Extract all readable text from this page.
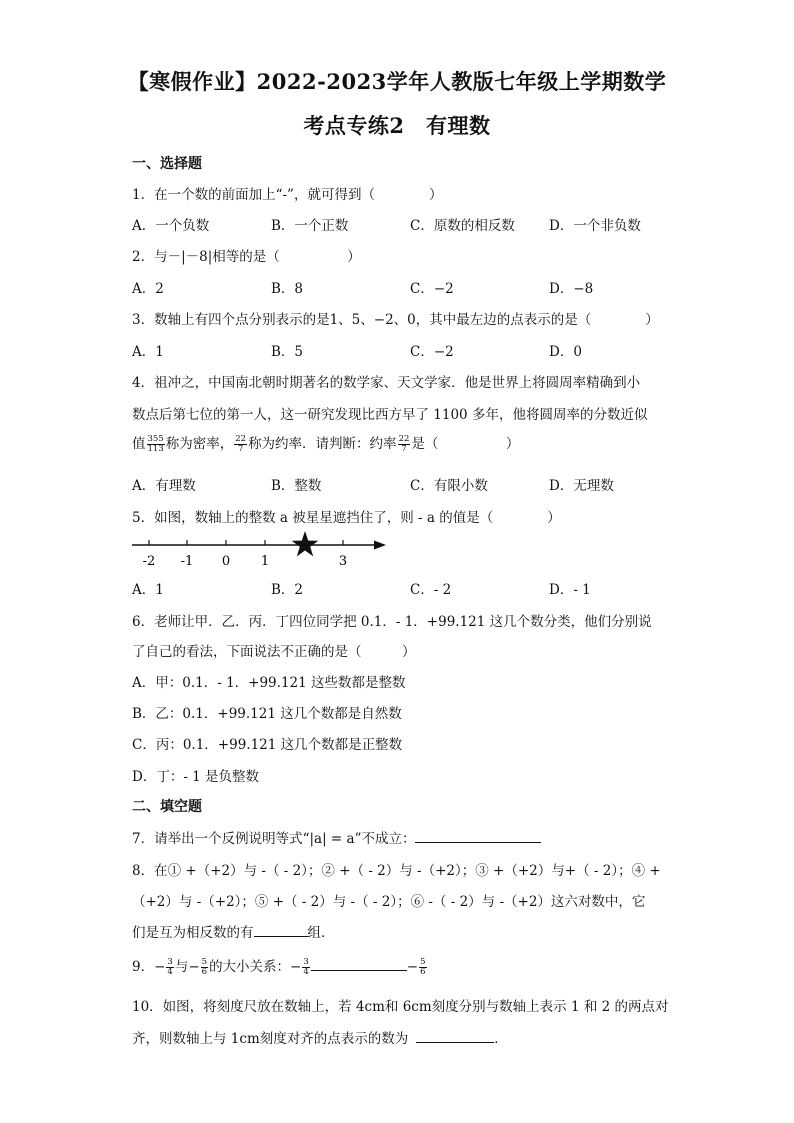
【寒假作业】2022-2023学年人教版七年级上学期数学
考点专练2　有理数
一、选择题
1．在一个数的前面加上“-”，就可得到（　　　　）
A．一个负数	B．一个正数	C．原数的相反数	D．一个非负数
2．与－|－8|相等的是（　　　　　）
A．2	B．8	C．−2	D．−8
3．数轴上有四个点分别表示的是1、5、−2、0，其中最左边的点表示的是（　　　　）
A．1	B．5	C．−2	D．0
4．祖冲之，中国南北朝时期著名的数学家、天文学家．他是世界上将圆周率精确到小
数点后第七位的第一人，这一研究发现比西方早了 1100 多年，他将圆周率的分数近似
值 $\frac{355}{113}$ 称为密率， $\frac{22}{7}$ 称为约率．请判断：约率 $\frac{22}{7}$ 是（　　　　　）
A．有理数	B．整数	C．有限小数	D．无理数
5．如图，数轴上的整数 a 被星星遮挡住了，则 - a 的值是（　　　　）
-2 -1 0 1	3
A．1	B．2	C．- 2	D．- 1
6．老师让甲．乙．丙．丁四位同学把 0.1．- 1．+99.121 这几个数分类，他们分别说
了自己的看法，下面说法不正确的是（　　　）
A．甲：0.1．- 1．+99.121 这些数都是整数
B．乙：0.1．+99.121 这几个数都是自然数
C．丙：0.1．+99.121 这几个数都是正整数
D．丁：- 1 是负整数
二、填空题
7．请举出一个反例说明等式“|a| = a”不成立：
8．在① +（+2）与 -（ - 2）；② +（ - 2）与 -（+2）；③ +（+2）与+（ - 2）；④ +
（+2）与 -（+2）；⑤ +（ - 2）与 -（ - 2）；⑥ -（ - 2）与 -（+2）这六对数中，它
们是互为相反数的有	组．
9．− $\frac{3}{4}$ 与− $\frac{5}{6}$ 的大小关系：− $\frac{3}{4}$	− $\frac{5}{6}$
10．如图，将刻度尺放在数轴上，若 4cm和 6cm刻度分别与数轴上表示 1 和 2 的两点对
齐，则数轴上与 1cm刻度对齐的点表示的数为	．
